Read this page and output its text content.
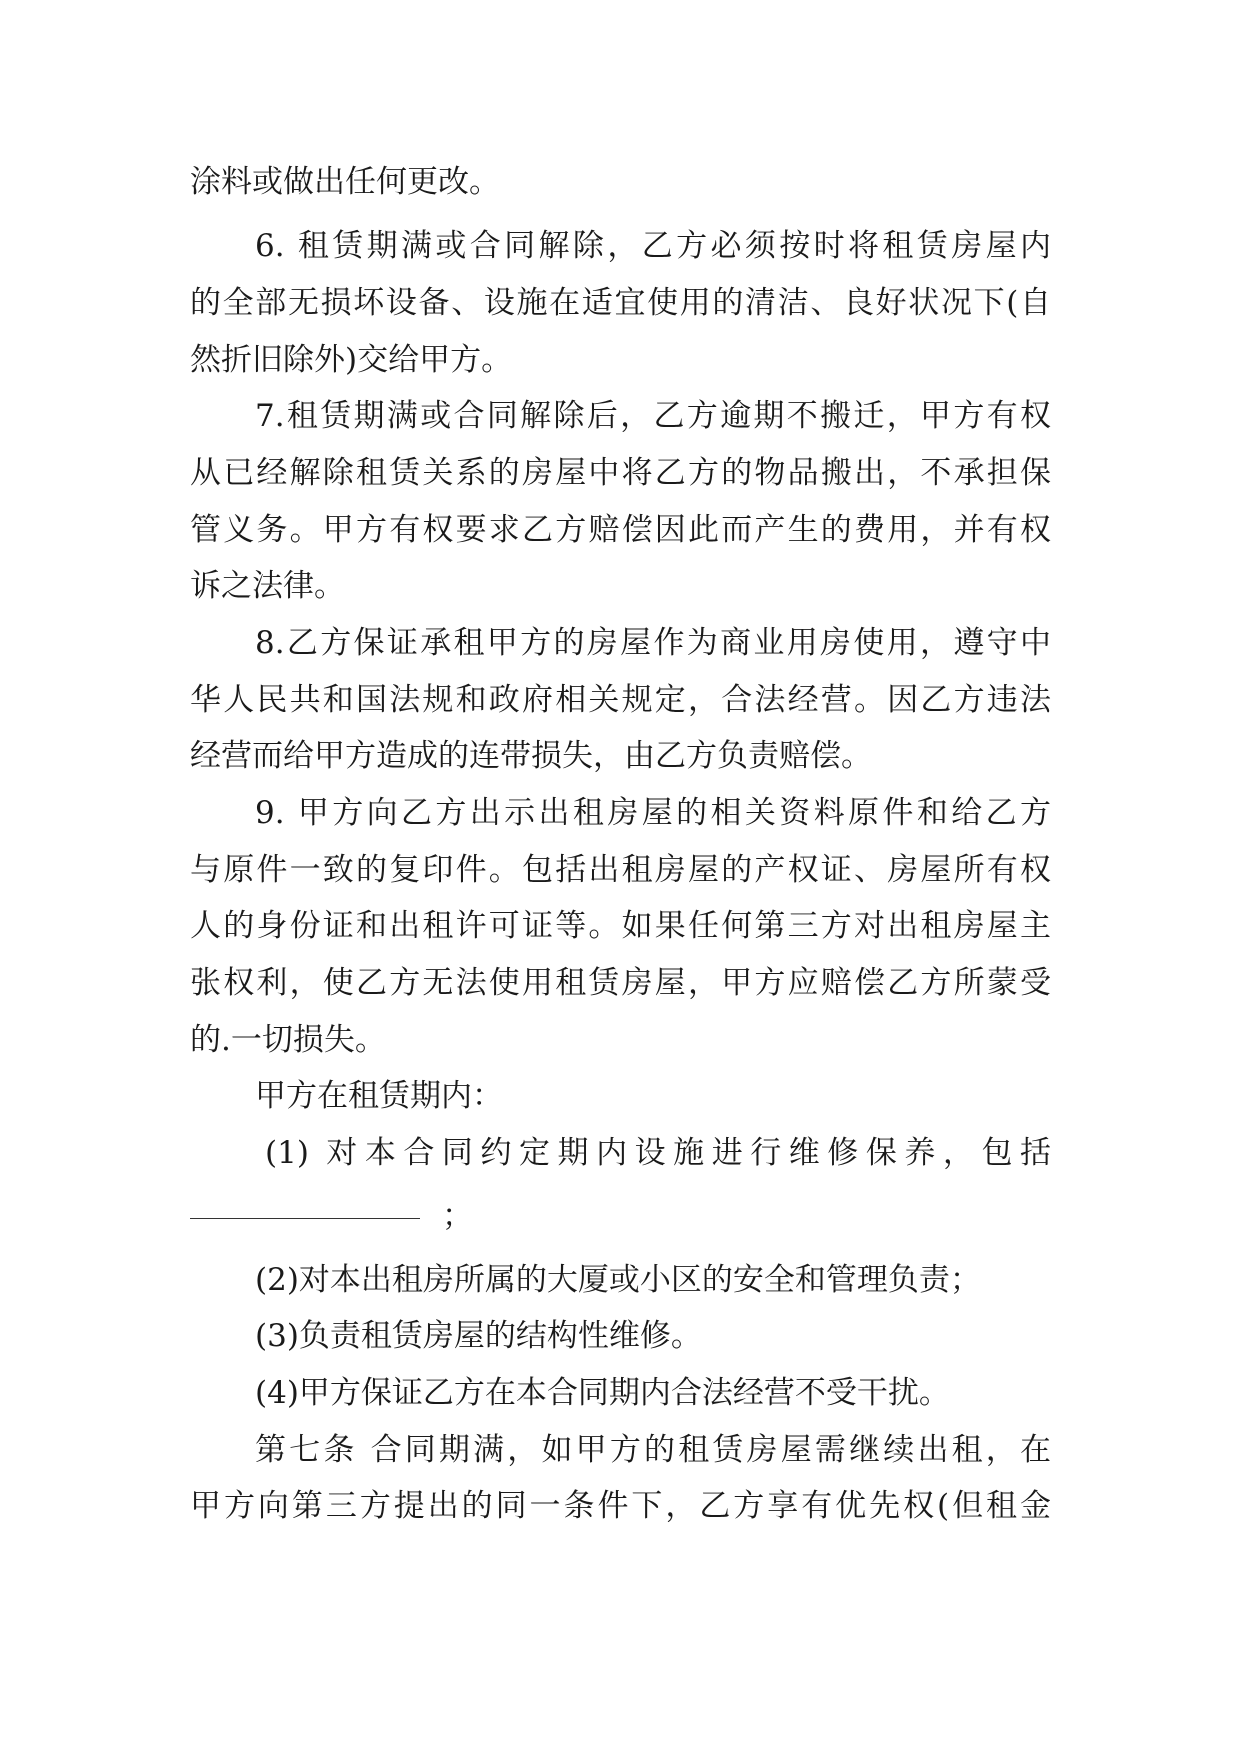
涂料或做出任何更改。
6. 租赁期满或合同解除，乙方必须按时将租赁房屋内
的全部无损坏设备、设施在适宜使用的清洁、良好状况下(自
然折旧除外)交给甲方。
7.租赁期满或合同解除后，乙方逾期不搬迁，甲方有权
从已经解除租赁关系的房屋中将乙方的物品搬出，不承担保
管义务。甲方有权要求乙方赔偿因此而产生的费用，并有权
诉之法律。
8.乙方保证承租甲方的房屋作为商业用房使用，遵守中
华人民共和国法规和政府相关规定，合法经营。因乙方违法
经营而给甲方造成的连带损失，由乙方负责赔偿。
9. 甲方向乙方出示出租房屋的相关资料原件和给乙方
与原件一致的复印件。包括出租房屋的产权证、房屋所有权
人的身份证和出租许可证等。如果任何第三方对出租房屋主
张权利，使乙方无法使用租赁房屋，甲方应赔偿乙方所蒙受
的.一切损失。
甲方在租赁期内：
(1) 对本合同约定期内设施进行维修保养，包括
；
(2)对本出租房所属的大厦或小区的安全和管理负责；
(3)负责租赁房屋的结构性维修。
(4)甲方保证乙方在本合同期内合法经营不受干扰。
第七条 合同期满，如甲方的租赁房屋需继续出租，在
甲方向第三方提出的同一条件下，乙方享有优先权(但租金
